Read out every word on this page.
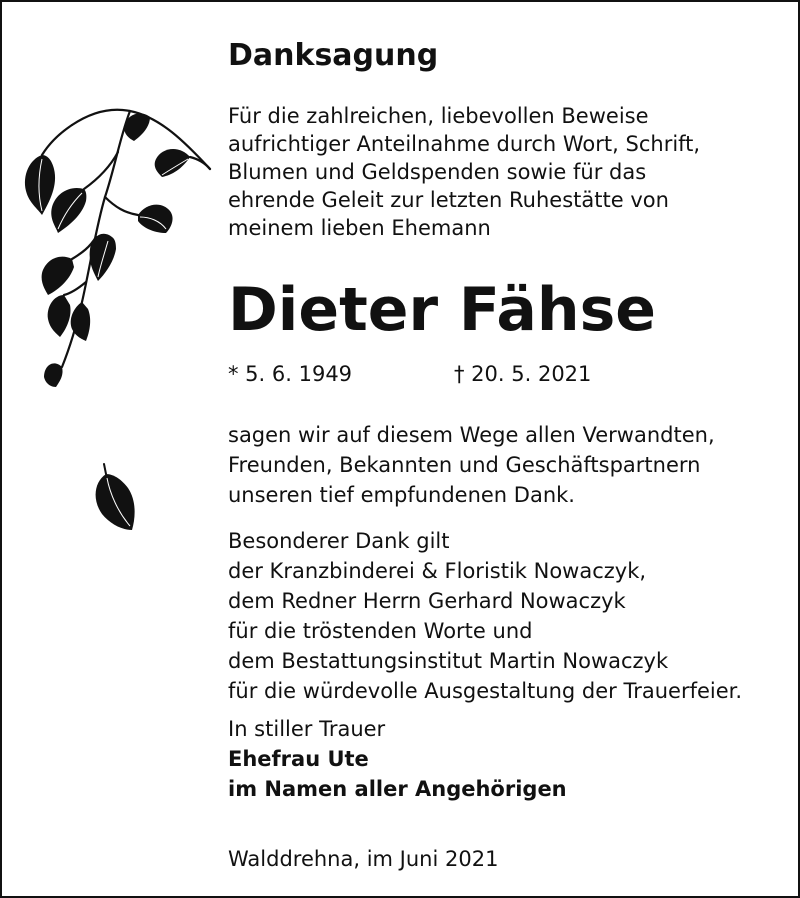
Danksagung

Für die zahlreichen, liebevollen Beweise
aufrichtiger Anteilnahme durch Wort, Schrift,
Blumen und Geldspenden sowie für das
ehrende Geleit zur letzten Ruhestätte von
meinem lieben Ehemann

Dieter Fähse
* 5. 6. 1949	† 20. 5. 2021

sagen wir auf diesem Wege allen Verwandten,
Freunden, Bekannten und Geschäftspartnern
unseren tief empfundenen Dank.

Besonderer Dank gilt
der Kranzbinderei & Floristik Nowaczyk,
dem Redner Herrn Gerhard Nowaczyk
für die tröstenden Worte und
dem Bestattungsinstitut Martin Nowaczyk
für die würdevolle Ausgestaltung der Trauerfeier.

In stiller Trauer
Ehefrau Ute
im Namen aller Angehörigen
Walddrehna, im Juni 2021
